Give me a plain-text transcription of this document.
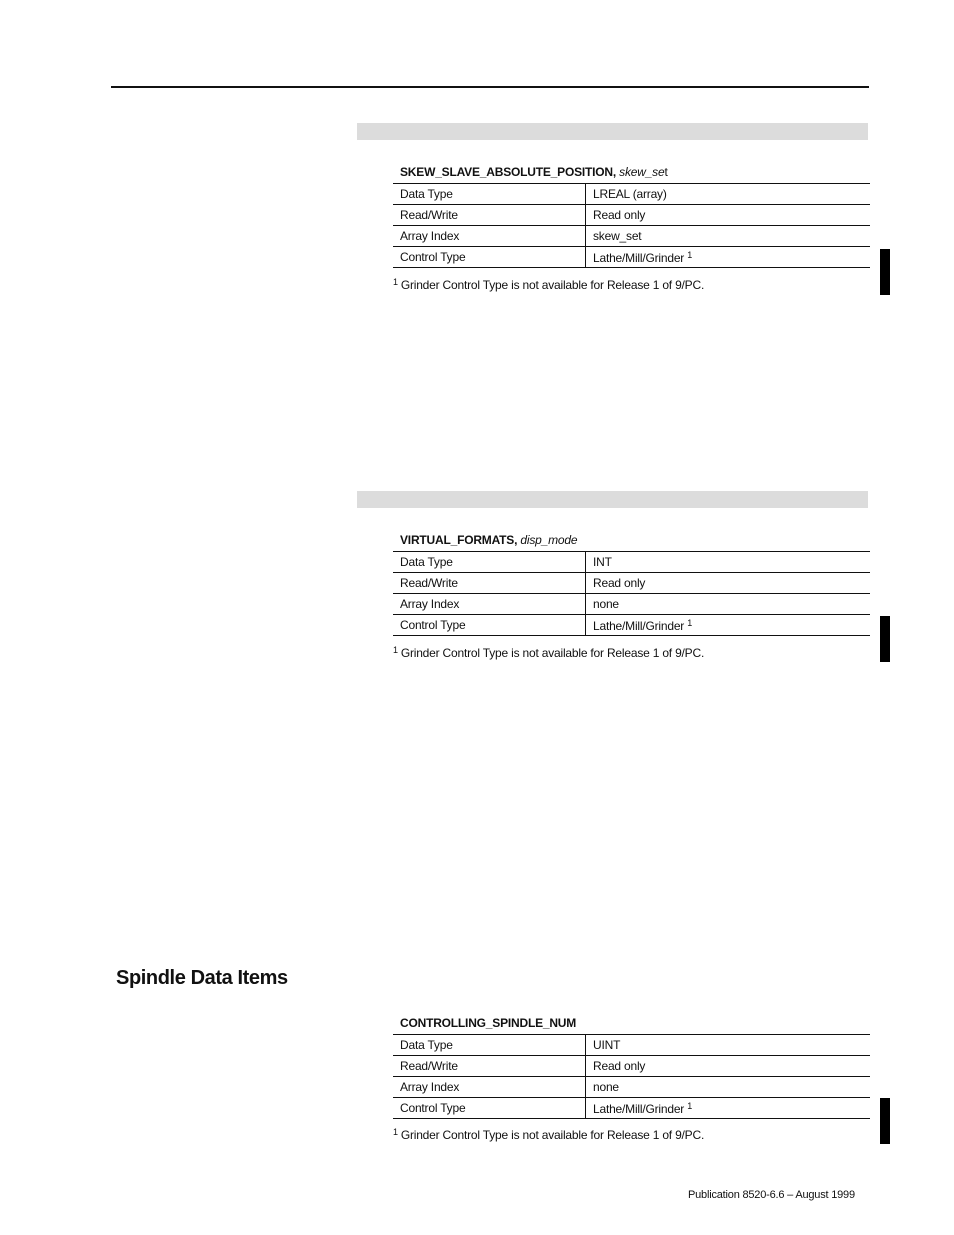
SKEW_SLAVE_ABSOLUTE_POSITION, skew_set
Data Type	LREAL (array)
Read/Write	Read only
Array Index	skew_set
Control Type	Lathe/Mill/Grinder $^1$
$^1$ Grinder Control Type is not available for Release 1 of 9/PC.
VIRTUAL_FORMATS, disp_mode
Data Type	INT
Read/Write	Read only
Array Index	none
Control Type	Lathe/Mill/Grinder $^1$
$^1$ Grinder Control Type is not available for Release 1 of 9/PC.
Spindle Data Items
CONTROLLING_SPINDLE_NUM
Data Type	UINT
Read/Write	Read only
Array Index	none
Control Type	Lathe/Mill/Grinder $^1$
$^1$ Grinder Control Type is not available for Release 1 of 9/PC.
Publication 8520-6.6 – August 1999
